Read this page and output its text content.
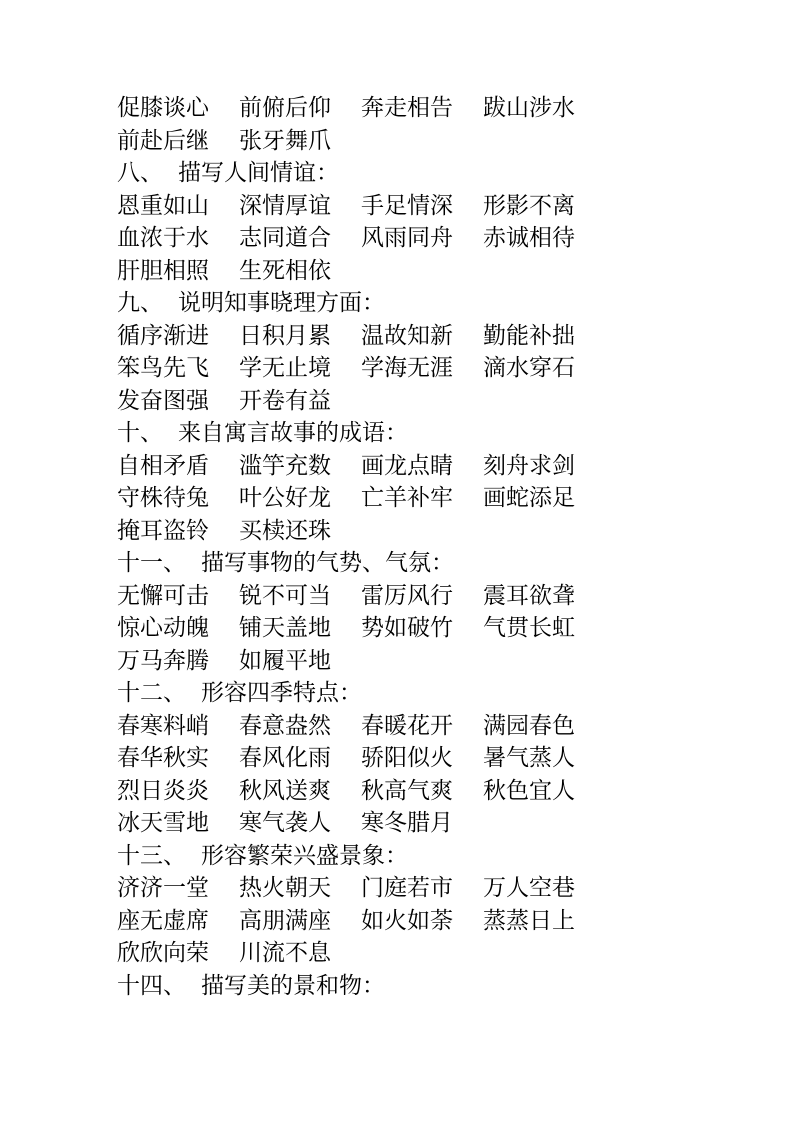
促膝谈心 前俯后仰 奔走相告 跋山涉水
前赴后继 张牙舞爪
八、 描写人间情谊：
恩重如山 深情厚谊 手足情深 形影不离
血浓于水 志同道合 风雨同舟 赤诚相待
肝胆相照 生死相依
九、 说明知事晓理方面：
循序渐进 日积月累 温故知新 勤能补拙
笨鸟先飞 学无止境 学海无涯 滴水穿石
发奋图强 开卷有益
十、 来自寓言故事的成语：
自相矛盾 滥竽充数 画龙点睛 刻舟求剑
守株待兔 叶公好龙 亡羊补牢 画蛇添足
掩耳盗铃 买椟还珠
十一、 描写事物的气势、气氛：
无懈可击 锐不可当 雷厉风行 震耳欲聋
惊心动魄 铺天盖地 势如破竹 气贯长虹
万马奔腾 如履平地
十二、 形容四季特点：
春寒料峭 春意盎然 春暖花开 满园春色
春华秋实 春风化雨 骄阳似火 暑气蒸人
烈日炎炎 秋风送爽 秋高气爽 秋色宜人
冰天雪地 寒气袭人 寒冬腊月
十三、 形容繁荣兴盛景象：
济济一堂 热火朝天 门庭若市 万人空巷
座无虚席 高朋满座 如火如荼 蒸蒸日上
欣欣向荣 川流不息
十四、 描写美的景和物：
